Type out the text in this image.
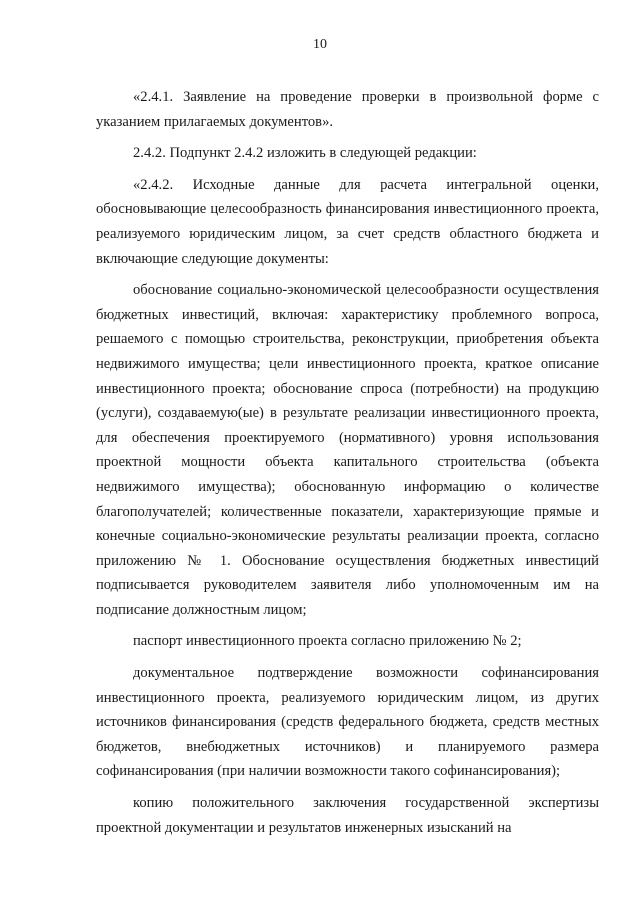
10

«2.4.1. Заявление на проведение проверки в произвольной форме с указанием прилагаемых документов».

2.4.2. Подпункт 2.4.2 изложить в следующей редакции:

«2.4.2. Исходные данные для расчета интегральной оценки, обосновывающие целесообразность финансирования инвестиционного проекта, реализуемого юридическим лицом, за счет средств областного бюджета и включающие следующие документы:

обоснование социально-экономической целесообразности осуществления бюджетных инвестиций, включая: характеристику проблемного вопроса, решаемого с помощью строительства, реконструкции, приобретения объекта недвижимого имущества; цели инвестиционного проекта, краткое описание инвестиционного проекта; обоснование спроса (потребности) на продукцию (услуги), создаваемую(ые) в результате реализации инвестиционного проекта, для обеспечения проектируемого (нормативного) уровня использования проектной мощности объекта капитального строительства (объекта недвижимого имущества); обоснованную информацию о количестве благополучателей; количественные показатели, характеризующие прямые и конечные социально-экономические результаты реализации проекта, согласно приложению № 1. Обоснование осуществления бюджетных инвестиций подписывается руководителем заявителя либо уполномоченным им на подписание должностным лицом;

паспорт инвестиционного проекта согласно приложению № 2;

документальное подтверждение возможности софинансирования инвестиционного проекта, реализуемого юридическим лицом, из других источников финансирования (средств федерального бюджета, средств местных бюджетов, внебюджетных источников) и планируемого размера софинансирования (при наличии возможности такого софинансирования);

копию положительного заключения государственной экспертизы проектной документации и результатов инженерных изысканий на
